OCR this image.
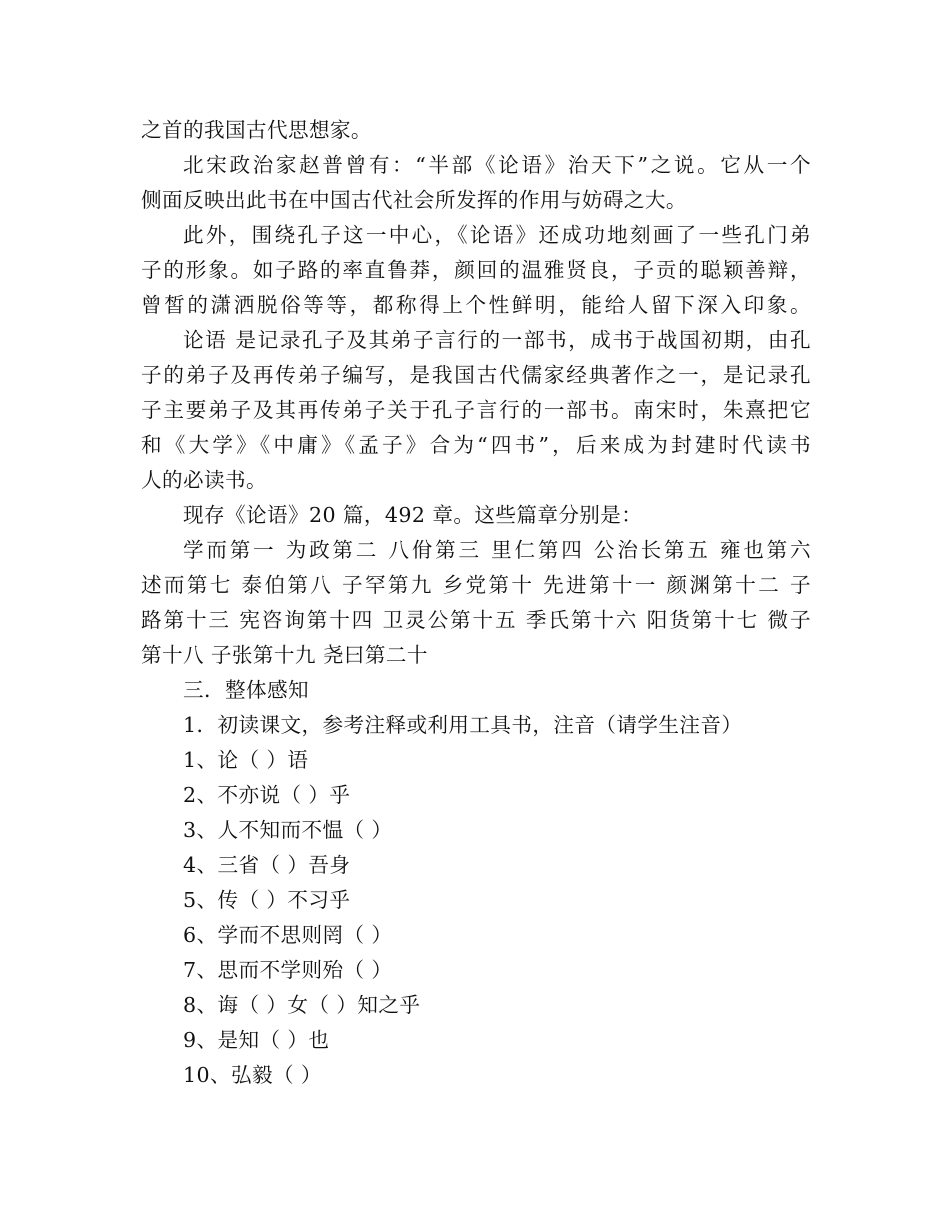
之首的我国古代思想家。
北宋政治家赵普曾有：“半部《论语》治天下”之说。它从一个
侧面反映出此书在中国古代社会所发挥的作用与妨碍之大。
此外，围绕孔子这一中心，《论语》还成功地刻画了一些孔门弟
子的形象。如子路的率直鲁莽，颜回的温雅贤良，子贡的聪颖善辩，
曾皙的潇洒脱俗等等，都称得上个性鲜明，能给人留下深入印象。
论语 是记录孔子及其弟子言行的一部书，成书于战国初期，由孔
子的弟子及再传弟子编写，是我国古代儒家经典著作之一，是记录孔
子主要弟子及其再传弟子关于孔子言行的一部书。南宋时，朱熹把它
和《大学》《中庸》《孟子》合为“四书”，后来成为封建时代读书
人的必读书。
现存《论语》20 篇，492 章。这些篇章分别是：
学而第一 为政第二 八佾第三 里仁第四 公治长第五 雍也第六
述而第七 泰伯第八 子罕第九 乡党第十 先进第十一 颜渊第十二 子
路第十三 宪咨询第十四 卫灵公第十五 季氏第十六 阳货第十七 微子
第十八 子张第十九 尧曰第二十
三．整体感知
1．初读课文，参考注释或利用工具书，注音（请学生注音）
1、论（ ）语
2、不亦说（ ）乎
3、人不知而不愠（ ）
4、三省（ ）吾身
5、传（ ）不习乎
6、学而不思则罔（ ）
7、思而不学则殆（ ）
8、诲（ ）女（ ）知之乎
9、是知（ ）也
10、弘毅（ ）
